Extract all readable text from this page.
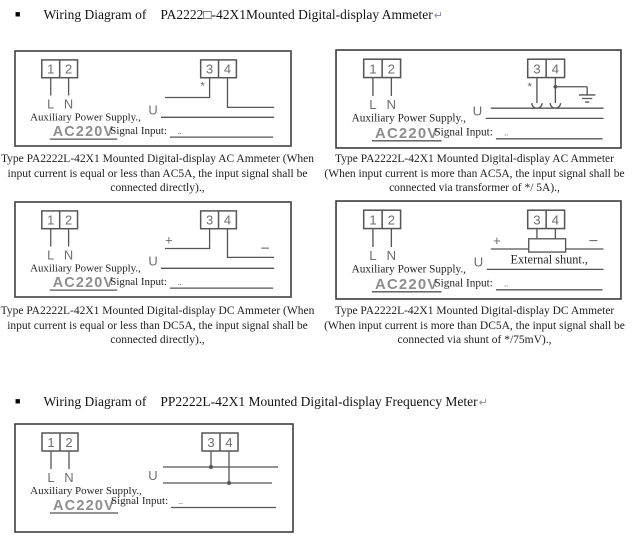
■ Wiring Diagram of PA2222□-42X1Mounted Digital-display Ammeter↵
1 2
L N
Auxiliary Power Supply.,
AC220V
3 4
*
U
Signal Input: ..
1 2
L N
Auxiliary Power Supply.,
AC220V
3 4
*
U
Signal Input: ..
Type PA2222L-42X1 Mounted Digital-display AC Ammeter (When input current is equal or less than AC5A, the input signal shall be connected directly).,
Type PA2222L-42X1 Mounted Digital-display AC Ammeter (When input current is more than AC5A, the input signal shall be connected via transformer of */ 5A).,
1 2
L N
Auxiliary Power Supply.,
AC220V
3 4
+
−
U
Signal Input: ..
1 2
L N
Auxiliary Power Supply.,
AC220V
3 4
+	−
External shunt.,
U
Signal Input: ..
Type PA2222L-42X1 Mounted Digital-display DC Ammeter (When input current is equal or less than DC5A, the input signal shall be connected directly).,
Type PA2222L-42X1 Mounted Digital-display DC Ammeter (When input current is more than DC5A, the input signal shall be connected via shunt of */75mV).,
■ Wiring Diagram of PP2222L-42X1 Mounted Digital-display Frequency Meter↵
1 2
L N
Auxiliary Power Supply.,
AC220V
3 4
U
Signal Input: ..
